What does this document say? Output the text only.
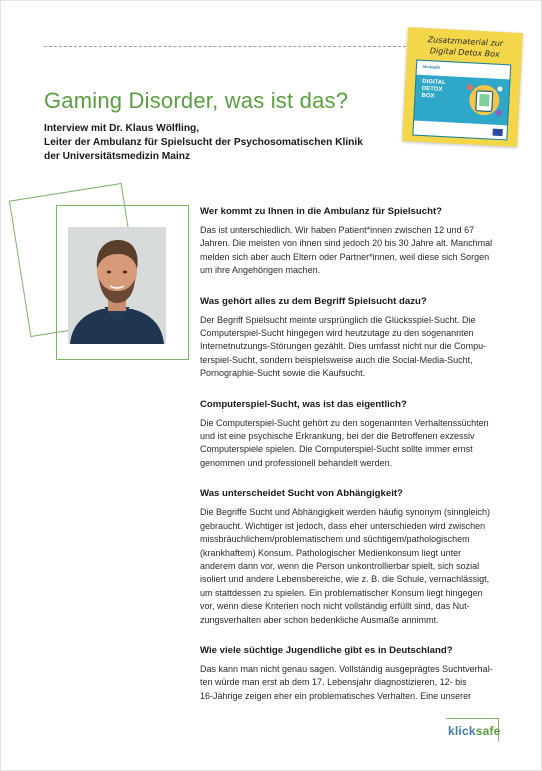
Zusatzmaterial zur
Digital Detox Box
klicksafe
DIGITAL
DETOX
BOX
Gaming Disorder, was ist das?
Interview mit Dr. Klaus Wölfling,
Leiter der Ambulanz für Spielsucht der Psychosomatischen Klinik
der Universitätsmedizin Mainz

Wer kommt zu Ihnen in die Ambulanz für Spielsucht?

Das ist unterschiedlich. Wir haben Patient*innen zwischen 12 und 67
Jahren. Die meisten von ihnen sind jedoch 20 bis 30 Jahre alt. Manchmal
melden sich aber auch Eltern oder Partner*innen, weil diese sich Sorgen
um ihre Angehörigen machen.

Was gehört alles zu dem Begriff Spielsucht dazu?

Der Begriff Spielsucht meinte ursprünglich die Glücksspiel-Sucht. Die
Computerspiel-Sucht hingegen wird heutzutage zu den sogenannten
Internetnutzungs-Störungen gezählt. Dies umfasst nicht nur die Compu-
terspiel-Sucht, sondern beispielsweise auch die Social-Media-Sucht,
Pornographie-Sucht sowie die Kaufsucht.

Computerspiel-Sucht, was ist das eigentlich?

Die Computerspiel-Sucht gehört zu den sogenannten Verhaltenssüchten
und ist eine psychische Erkrankung, bei der die Betroffenen exzessiv
Computerspiele spielen. Die Computerspiel-Sucht sollte immer ernst
genommen und professionell behandelt werden.

Was unterscheidet Sucht von Abhängigkeit?

Die Begriffe Sucht und Abhängigkeit werden häufig synonym (sinngleich)
gebraucht. Wichtiger ist jedoch, dass eher unterschieden wird zwischen
missbräuchlichem/problematischem und süchtigem/pathologischem
(krankhaftem) Konsum. Pathologischer Medienkonsum liegt unter
anderem dann vor, wenn die Person unkontrollierbar spielt, sich sozial
isoliert und andere Lebensbereiche, wie z. B. die Schule, vernachlässigt,
um stattdessen zu spielen. Ein problematischer Konsum liegt hingegen
vor, wenn diese Kriterien noch nicht vollständig erfüllt sind, das Nut-
zungsverhalten aber schon bedenkliche Ausmaße annimmt.

Wie viele süchtige Jugendliche gibt es in Deutschland?

Das kann man nicht genau sagen. Vollständig ausgeprägtes Suchtverhal-
ten würde man erst ab dem 17. Lebensjahr diagnostizieren, 12- bis
16-Jährige zeigen eher ein problematisches Verhalten. Eine unserer
klicksafe
